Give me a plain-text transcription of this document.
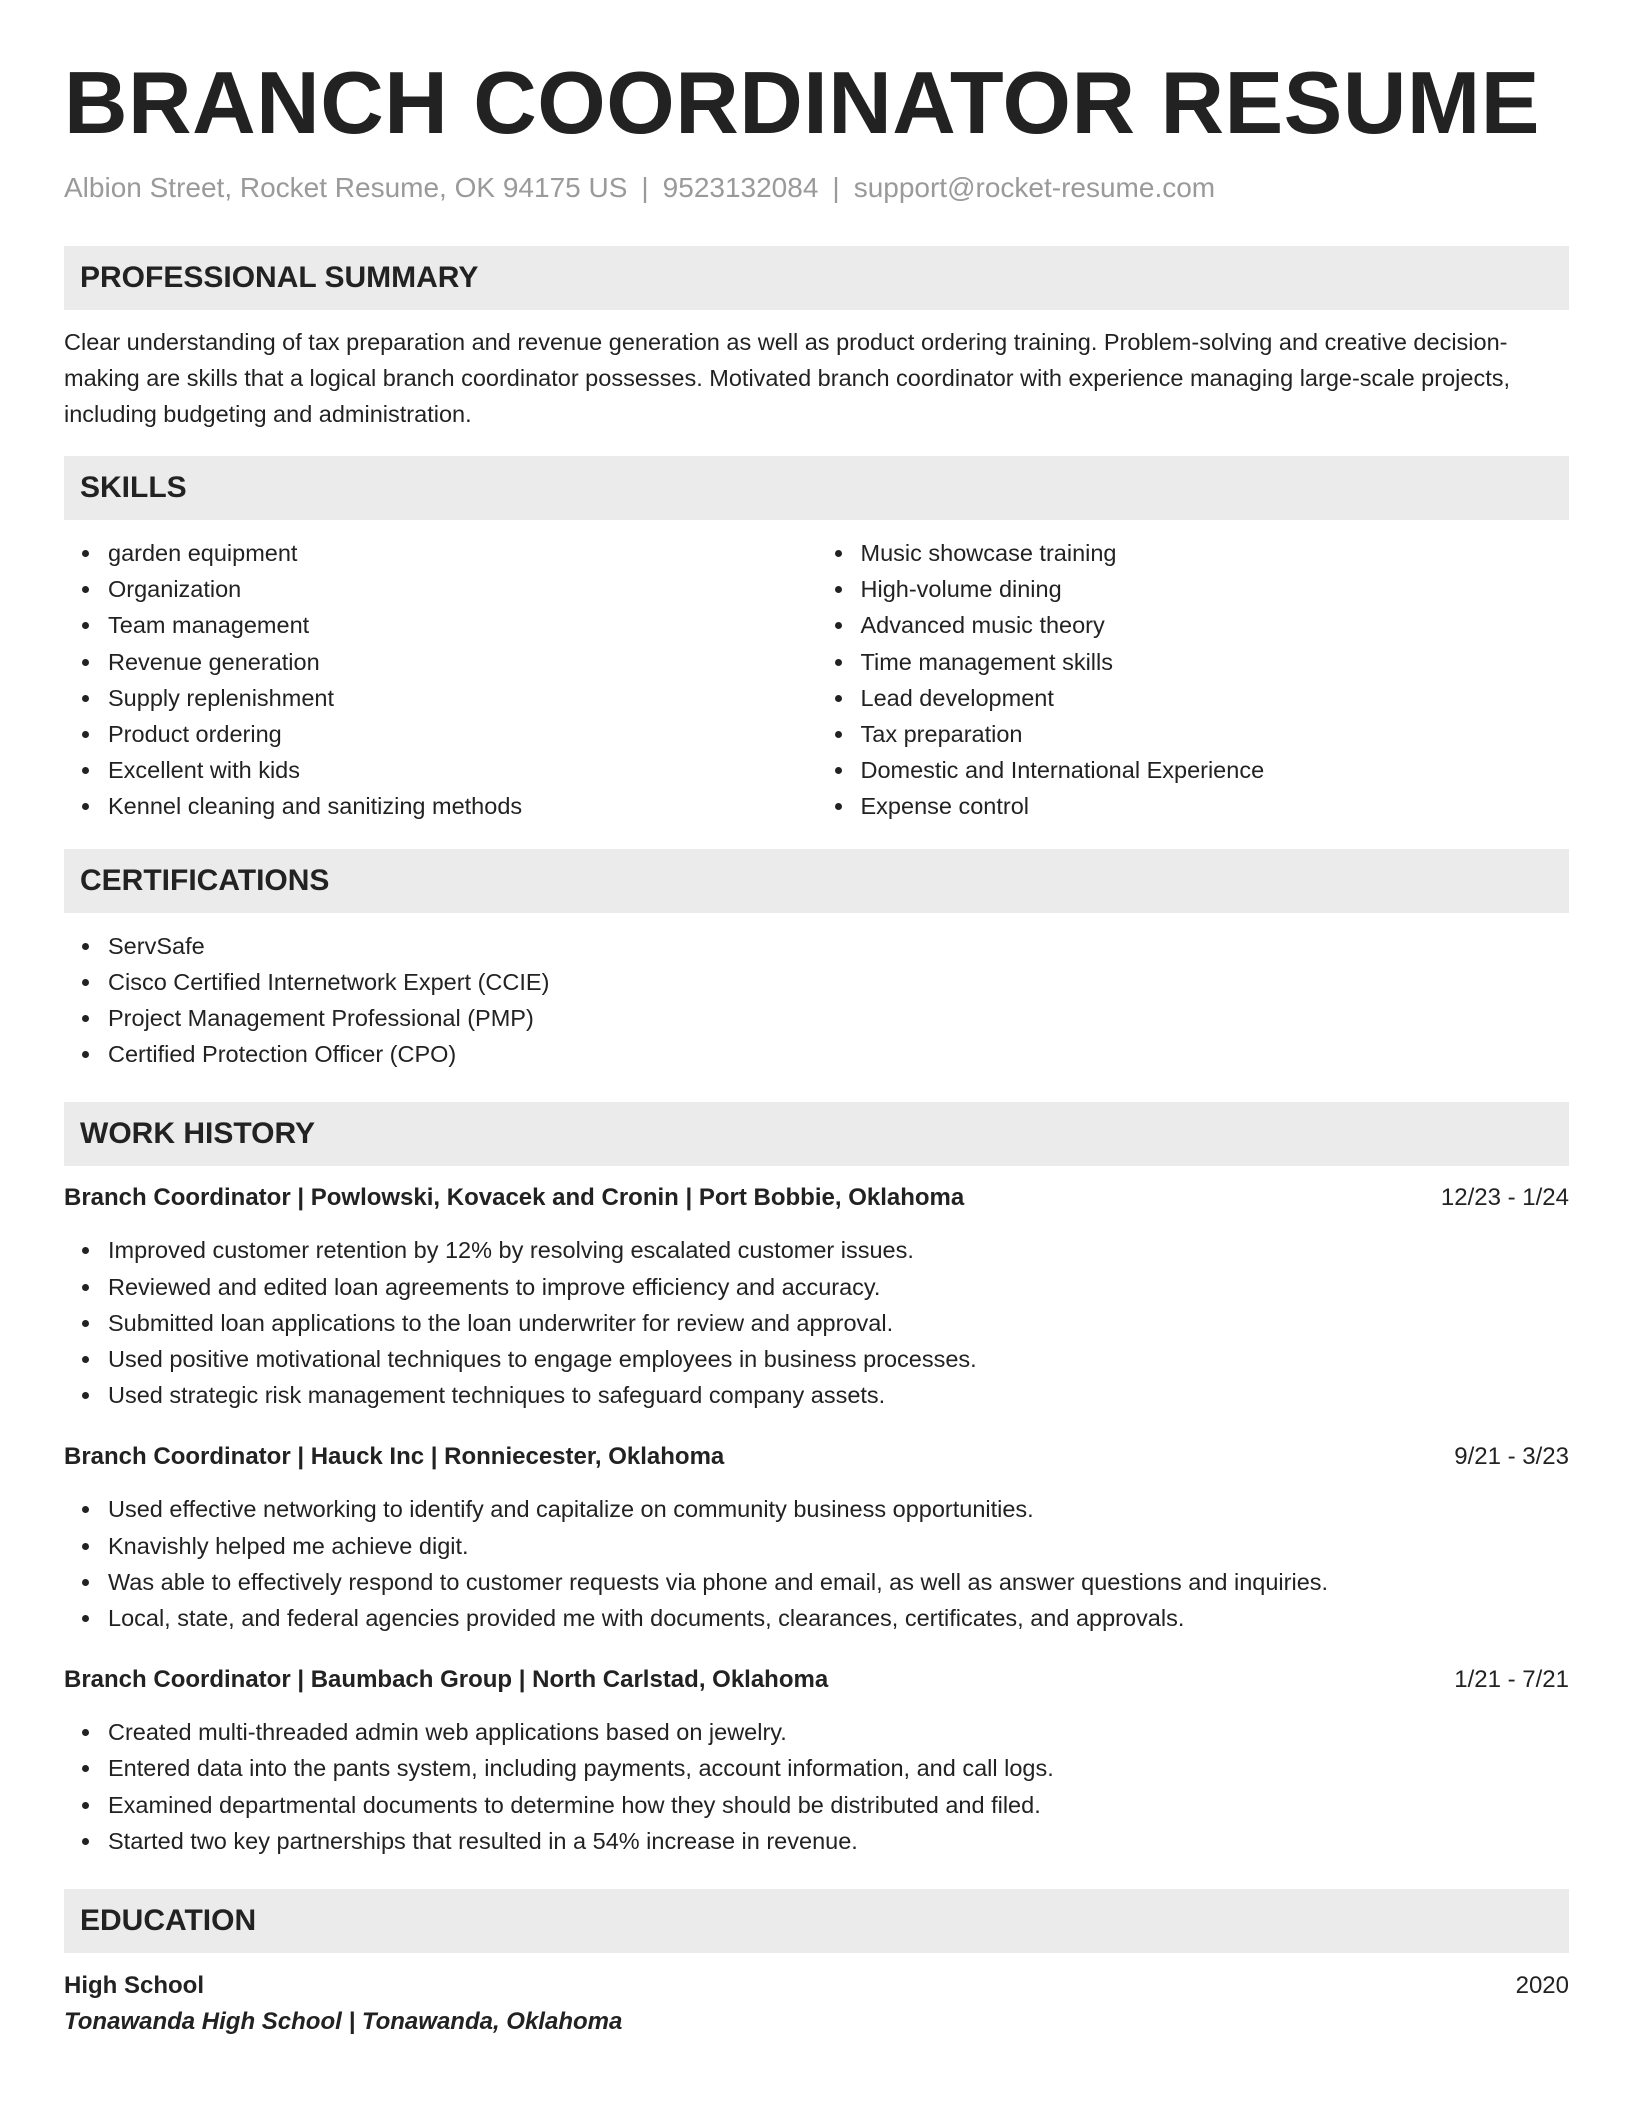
BRANCH COORDINATOR RESUME
Albion Street, Rocket Resume, OK 94175 US | 9523132084 | support@rocket-resume.com
PROFESSIONAL SUMMARY

Clear understanding of tax preparation and revenue generation as well as product ordering training. Problem-solving and creative decision-making are skills that a logical branch coordinator possesses. Motivated branch coordinator with experience managing large-scale projects, including budgeting and administration.

SKILLS
garden equipment
Organization
Team management
Revenue generation
Supply replenishment
Product ordering
Excellent with kids
Kennel cleaning and sanitizing methods
Music showcase training
High-volume dining
Advanced music theory
Time management skills
Lead development
Tax preparation
Domestic and International Experience
Expense control
CERTIFICATIONS
ServSafe
Cisco Certified Internetwork Expert (CCIE)
Project Management Professional (PMP)
Certified Protection Officer (CPO)
WORK HISTORY
Branch Coordinator | Powlowski, Kovacek and Cronin | Port Bobbie, Oklahoma	12/23 - 1/24
Improved customer retention by 12% by resolving escalated customer issues.
Reviewed and edited loan agreements to improve efficiency and accuracy.
Submitted loan applications to the loan underwriter for review and approval.
Used positive motivational techniques to engage employees in business processes.
Used strategic risk management techniques to safeguard company assets.
Branch Coordinator | Hauck Inc | Ronniecester, Oklahoma	9/21 - 3/23
Used effective networking to identify and capitalize on community business opportunities.
Knavishly helped me achieve digit.
Was able to effectively respond to customer requests via phone and email, as well as answer questions and inquiries.
Local, state, and federal agencies provided me with documents, clearances, certificates, and approvals.
Branch Coordinator | Baumbach Group | North Carlstad, Oklahoma	1/21 - 7/21
Created multi-threaded admin web applications based on jewelry.
Entered data into the pants system, including payments, account information, and call logs.
Examined departmental documents to determine how they should be distributed and filed.
Started two key partnerships that resulted in a 54% increase in revenue.
EDUCATION
High School	2020
Tonawanda High School | Tonawanda, Oklahoma
